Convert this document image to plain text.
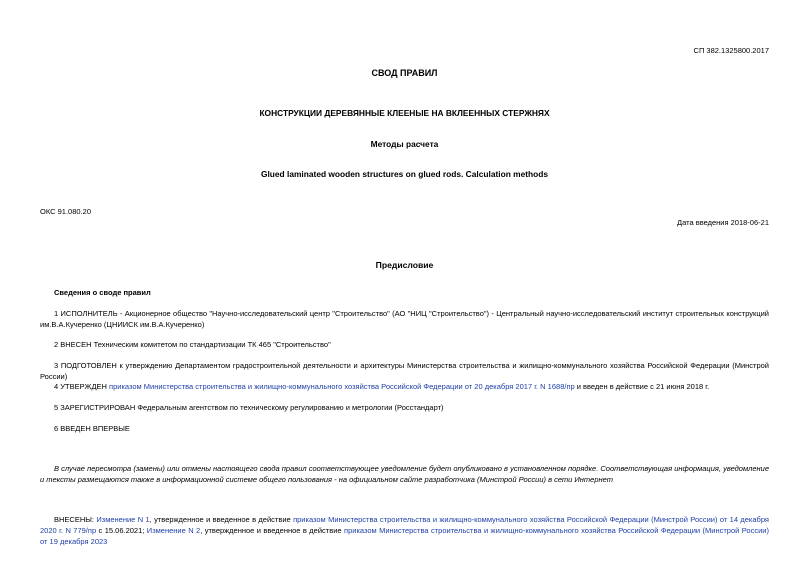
СП 382.1325800.2017
СВОД ПРАВИЛ
КОНСТРУКЦИИ ДЕРЕВЯННЫЕ КЛЕЕНЫЕ НА ВКЛЕЕННЫХ СТЕРЖНЯХ
Методы расчета
Glued laminated wooden structures on glued rods. Calculation methods
ОКС 91.080.20
Дата введения 2018-06-21
Предисловие
Сведения о своде правил
1 ИСПОЛНИТЕЛЬ - Акционерное общество "Научно-исследовательский центр "Строительство" (АО "НИЦ "Строительство") - Центральный научно-исследовательский институт строительных конструкций им.В.А.Кучеренко (ЦНИИСК им.В.А.Кучеренко)
2 ВНЕСЕН Техническим комитетом по стандартизации ТК 465 "Строительство"
3 ПОДГОТОВЛЕН к утверждению Департаментом градостроительной деятельности и архитектуры Министерства строительства и жилищно-коммунального хозяйства Российской Федерации (Минстрой России)
4 УТВЕРЖДЕН приказом Министерства строительства и жилищно-коммунального хозяйства Российской Федерации от 20 декабря 2017 г. N 1688/пр и введен в действие с 21 июня 2018 г.
5 ЗАРЕГИСТРИРОВАН Федеральным агентством по техническому регулированию и метрологии (Росстандарт)
6 ВВЕДЕН ВПЕРВЫЕ
В случае пересмотра (замены) или отмены настоящего свода правил соответствующее уведомление будет опубликовано в установленном порядке. Соответствующая информация, уведомление и тексты размещаются также в информационной системе общего пользования - на официальном сайте разработчика (Минстрой России) в сети Интернет
ВНЕСЕНЫ: Изменение N 1, утвержденное и введенное в действие приказом Министерства строительства и жилищно-коммунального хозяйства Российской Федерации (Минстрой России) от 14 декабря 2020 г. N 779/пр с 15.06.2021; Изменение N 2, утвержденное и введенное в действие приказом Министерства строительства и жилищно-коммунального хозяйства Российской Федерации (Минстрой России) от 19 декабря 2023
